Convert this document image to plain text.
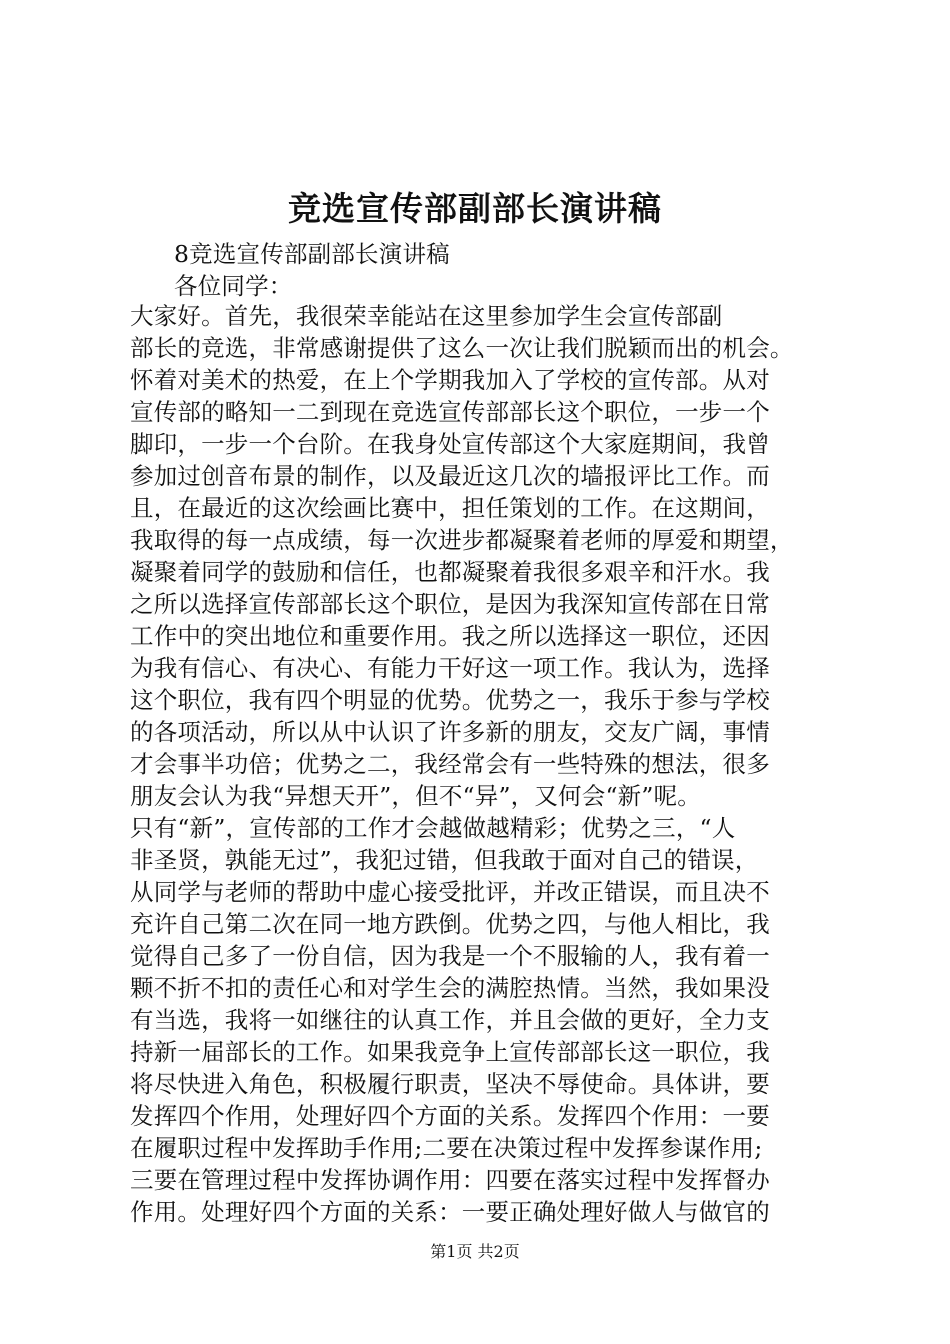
竞选宣传部副部长演讲稿
8竞选宣传部副部长演讲稿
各位同学：
大家好。首先，我很荣幸能站在这里参加学生会宣传部副
部长的竞选，非常感谢提供了这么一次让我们脱颖而出的机会。
怀着对美术的热爱，在上个学期我加入了学校的宣传部。从对
宣传部的略知一二到现在竞选宣传部部长这个职位，一步一个
脚印，一步一个台阶。在我身处宣传部这个大家庭期间，我曾
参加过创音布景的制作，以及最近这几次的墙报评比工作。而
且，在最近的这次绘画比赛中，担任策划的工作。在这期间，
我取得的每一点成绩，每一次进步都凝聚着老师的厚爱和期望，
凝聚着同学的鼓励和信任，也都凝聚着我很多艰辛和汗水。我
之所以选择宣传部部长这个职位，是因为我深知宣传部在日常
工作中的突出地位和重要作用。我之所以选择这一职位，还因
为我有信心、有决心、有能力干好这一项工作。我认为，选择
这个职位，我有四个明显的优势。优势之一，我乐于参与学校
的各项活动，所以从中认识了许多新的朋友，交友广阔，事情
才会事半功倍；优势之二，我经常会有一些特殊的想法，很多
朋友会认为我“异想天开”，但不“异”，又何会“新”呢。
只有“新”，宣传部的工作才会越做越精彩；优势之三，“人
非圣贤，孰能无过”，我犯过错，但我敢于面对自己的错误，
从同学与老师的帮助中虚心接受批评，并改正错误，而且决不
充许自己第二次在同一地方跌倒。优势之四，与他人相比，我
觉得自己多了一份自信，因为我是一个不服输的人，我有着一
颗不折不扣的责任心和对学生会的满腔热情。当然，我如果没
有当选，我将一如继往的认真工作，并且会做的更好，全力支
持新一届部长的工作。如果我竞争上宣传部部长这一职位，我
将尽快进入角色，积极履行职责，坚决不辱使命。具体讲，要
发挥四个作用，处理好四个方面的关系。发挥四个作用：一要
在履职过程中发挥助手作用;二要在决策过程中发挥参谋作用;
三要在管理过程中发挥协调作用：四要在落实过程中发挥督办
作用。处理好四个方面的关系：一要正确处理好做人与做官的
第1页 共2页
